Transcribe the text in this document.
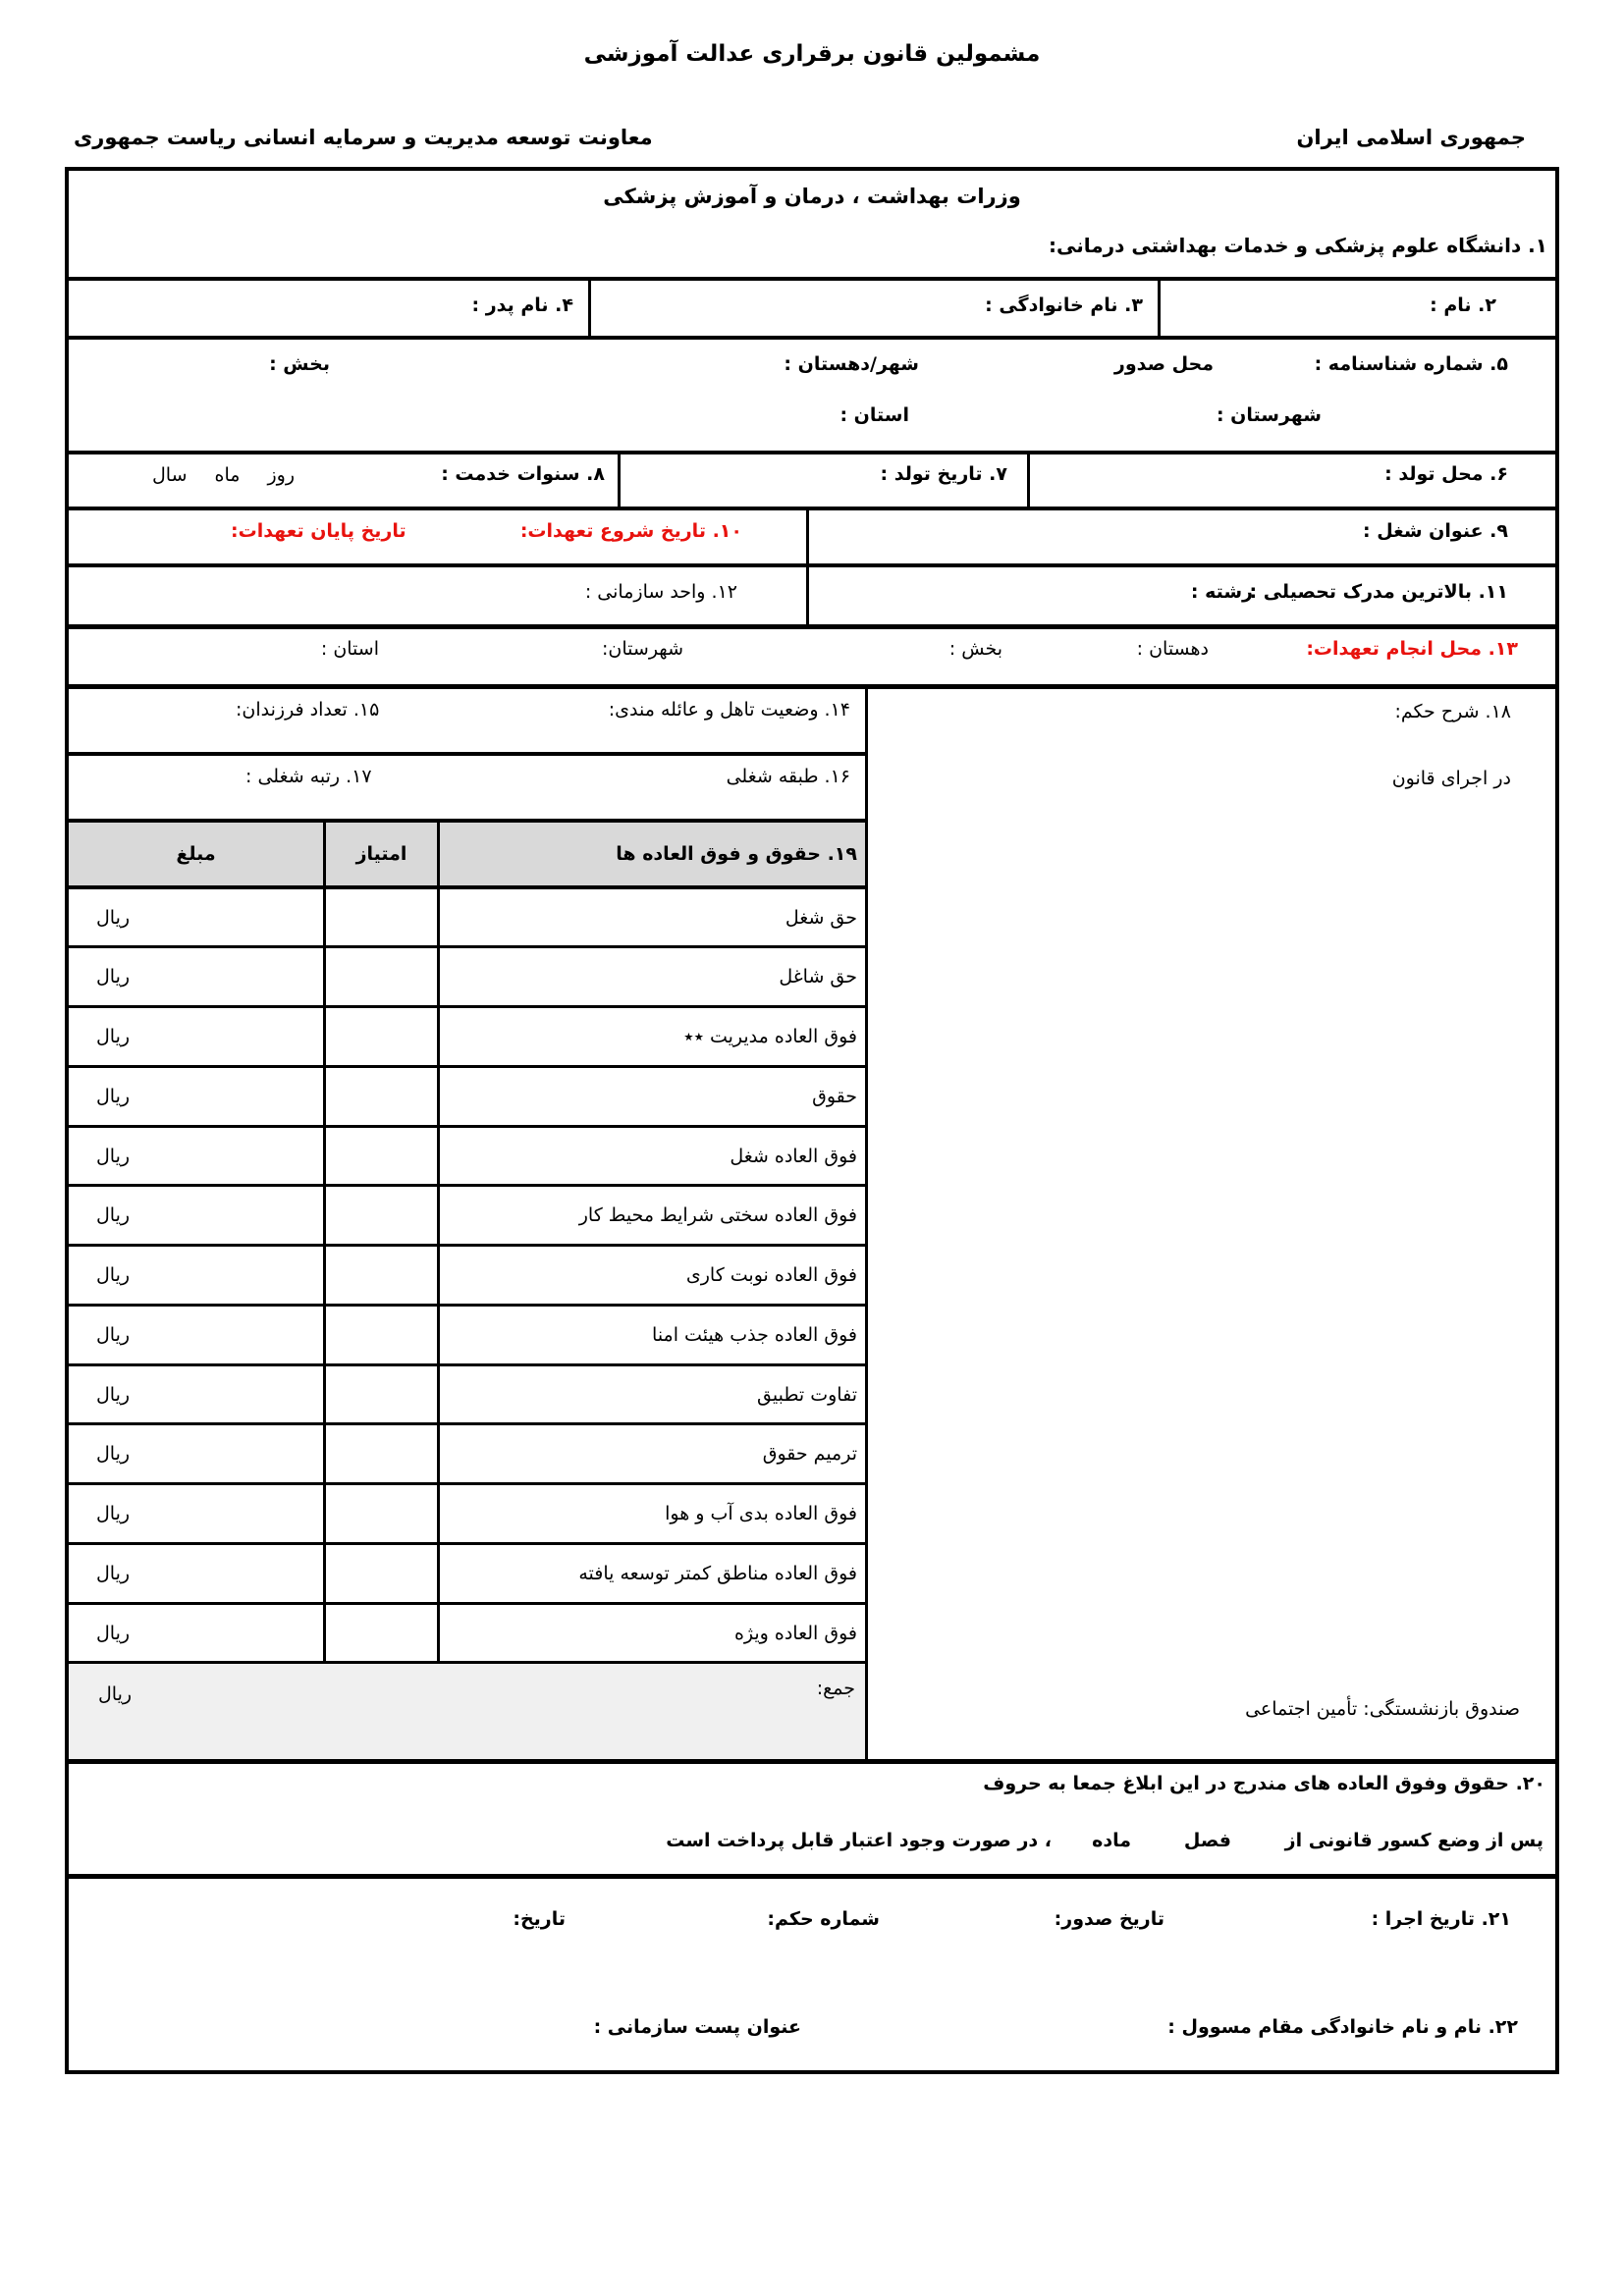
مشمولین قانون برقراری عدالت آموزشی
جمهوری اسلامی ایران
معاونت توسعه مدیریت و سرمایه انسانی ریاست جمهوری
وزرات بهداشت ، درمان و آموزش پزشکی
۱. دانشگاه علوم پزشکی و خدمات بهداشتی درمانی:
۲. نام :
۳. نام خانوادگی :
۴. نام پدر :
۵. شماره شناسنامه :
محل صدور
شهر/دهستان :
بخش :
شهرستان :
استان :
۶. محل تولد :
۷. تاریخ تولد :
۸. سنوات خدمت :
روز
ماه
سال
۹. عنوان شغل :
۱۰. تاریخ شروع تعهدات:
تاریخ پایان تعهدات:
۱۱. بالاترین مدرک تحصیلی :
رشته :
۱۲. واحد سازمانی :
۱۳. محل انجام تعهدات:
دهستان :
بخش :
شهرستان:
استان :
۱۸. شرح حکم:
در اجرای قانون
صندوق بازنشستگی: تأمین اجتماعی
۱۴. وضعیت تاهل و عائله مندی:
۱۵. تعداد فرزندان:
۱۶. طبقه شغلی
۱۷. رتبه شغلی :
۱۹. حقوق و فوق العاده ها
امتیاز
مبلغ
حق شغل
ریال
حق شاغل
ریال
فوق العاده مدیریت ٭٭
ریال
حقوق
ریال
فوق العاده شغل
ریال
فوق العاده سختی شرایط محیط کار
ریال
فوق العاده نوبت کاری
ریال
فوق العاده جذب هیئت امنا
ریال
تفاوت تطبیق
ریال
ترمیم حقوق
ریال
فوق العاده بدی آب و هوا
ریال
فوق العاده مناطق کمتر توسعه یافته
ریال
فوق العاده ویژه
ریال
جمع:
ریال
۲۰. حقوق وفوق العاده های مندرج در این ابلاغ جمعا به حروف
پس از وضع کسور قانونی از
فصل
ماده
، در صورت وجود اعتبار قابل پرداخت است
۲۱. تاریخ اجرا :
تاریخ صدور:
شماره حکم:
تاریخ:
۲۲. نام و نام خانوادگی مقام مسوول :
عنوان پست سازمانی :
